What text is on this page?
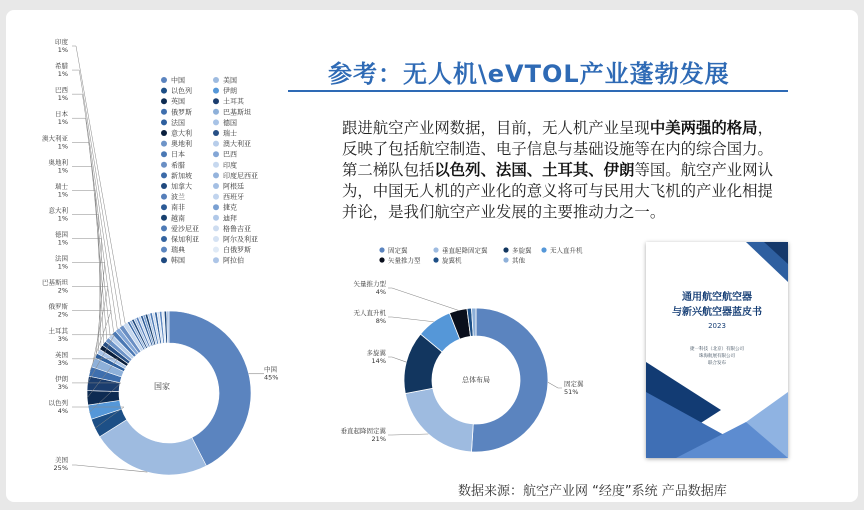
参考：无人机\eVTOL产业蓬勃发展
跟进航空产业网数据，目前，无人机产业呈现中美两强的格局，反映了包括航空制造、电子信息与基础设施等在内的综合国力。第二梯队包括以色列、法国、土耳其、伊朗等国。航空产业网认为，中国无人机的产业化的意义将可与民用大飞机的产业化相提并论，是我们航空产业发展的主要推动力之一。
中国
45%
美国
25%
印度
1%
希腊
1%
巴西
1%
日本
1%
澳大利亚
1%
奥地利
1%
瑞士
1%
意大利
1%
德国
1%
法国
1%
巴基斯坦
2%
俄罗斯
2%
土耳其
3%
英国
3%
伊朗
3%
以色列
4%
国家
中国	美国
以色列	伊朗
英国	土耳其
俄罗斯	巴基斯坦
法国	德国
意大利	瑞士
奥地利	澳大利亚
日本	巴西
希腊	印度
新加坡	印度尼西亚
加拿大	阿根廷
波兰	西班牙
南非	捷克
越南	迪拜
爱沙尼亚	格鲁吉亚
保加利亚	阿尔及利亚
瑞典	白俄罗斯
韩国	阿拉伯
固定翼	垂直起降固定翼	多旋翼	无人直升机
矢量推力型	旋翼机	其他
固定翼
51%
垂直起降固定翼
21%
多旋翼
14%
无人直升机
8%
矢量推力型
4%
总体布局
通用航空航空器
与新兴航空器蓝皮书
2023
捷一科技（北京）有限公司
珠海航展有限公司
联合发布
数据来源：航空产业网 “经度”系统 产品数据库
